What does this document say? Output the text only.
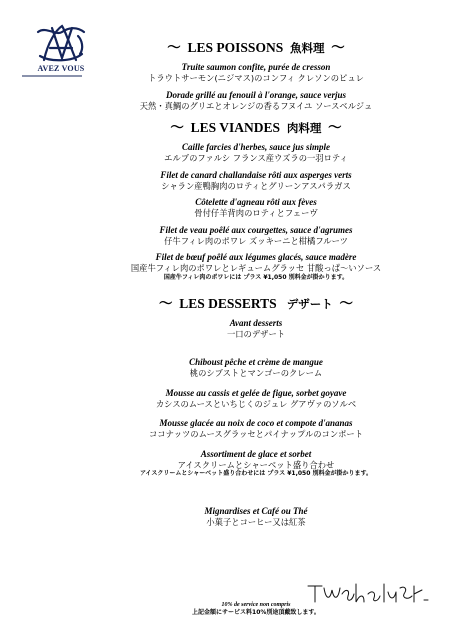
AVEZ VOUS
〜 LES POISSONS 魚料理 〜
Truite saumon confite, purée de cresson
トラウトサーモン(ニジマス)のコンフィ クレソンのピュレ
Dorade grillé au fenouil à l'orange, sauce verjus
天然・真鯛のグリエとオレンジの香るフヌイユ ソースベルジュ
〜 LES VIANDES 肉料理 〜
Caille farcies d'herbes, sauce jus simple
エルブのファルシ フランス産ウズラの一羽ロティ
Filet de canard challandaise rôti aux asperges verts
シャラン産鴨胸肉のロティとグリーンアスパラガス
Côtelette d'agneau rôti aux fèves
骨付仔羊背肉のロティとフェーヴ
Filet de veau poêlé aux courgettes, sauce d'agrumes
仔牛フィレ肉のポワレ ズッキーニと柑橘フルーツ
Filet de bœuf poêlé aux légumes glacés, sauce madère
国産牛フィレ肉のポワレとレギュームグラッセ 甘酸っぱ〜いソース
国産牛フィレ肉のポワレには プラス ¥1,050 別料金が掛かります。
〜 LES DESSERTS デザート 〜
Avant desserts
一口のデザート
Chiboust pêche et crème de mangue
桃のシブストとマンゴーのクレーム
Mousse au cassis et gelée de figue, sorbet goyave
カシスのムースといちじくのジュレ グアヴァのソルベ
Mousse glacée au noix de coco et compote d'ananas
ココナッツのムースグラッセとパイナップルのコンポート
Assortiment de glace et sorbet
アイスクリームとシャーベット盛り合わせ
アイスクリームとシャーベット盛り合わせには プラス ¥1,050 別料金が掛かります。
Mignardises et Café ou Thé
小菓子とコーヒー又は紅茶
10% de service non compris
上記金額にサービス料10%別途頂戴致します。
